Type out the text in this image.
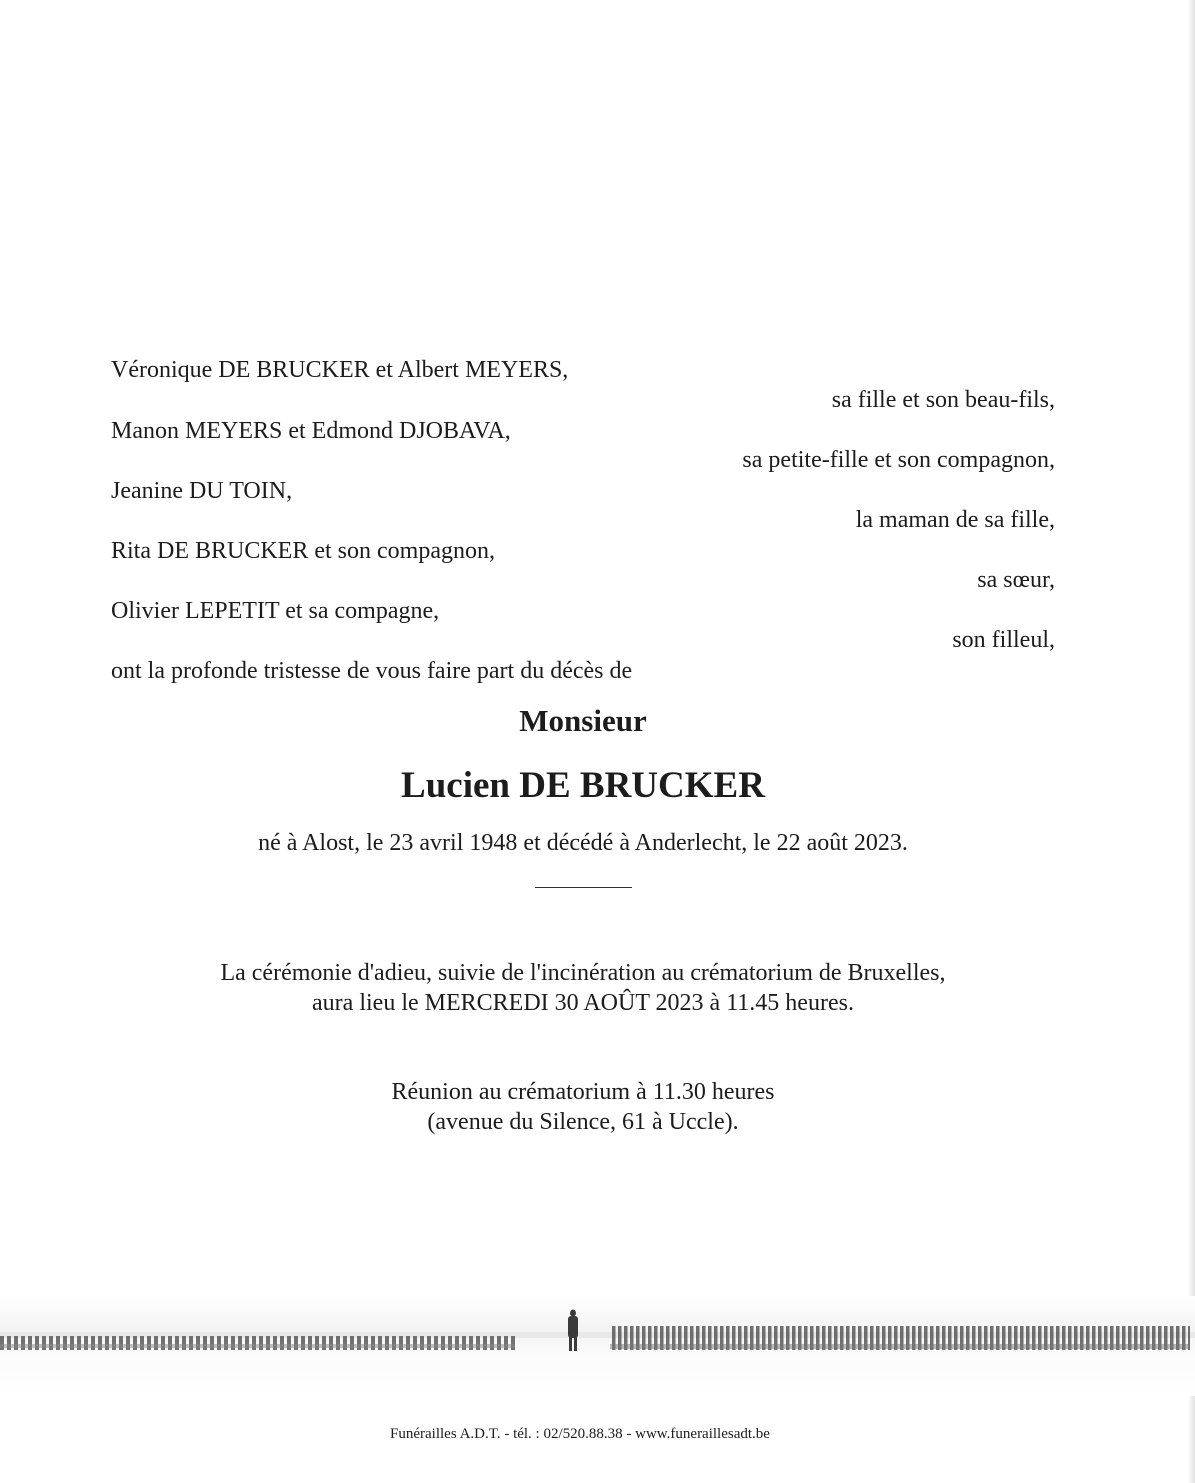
Véronique DE BRUCKER et Albert MEYERS,
sa fille et son beau-fils,
Manon MEYERS et Edmond DJOBAVA,
sa petite-fille et son compagnon,
Jeanine DU TOIN,
la maman de sa fille,
Rita DE BRUCKER et son compagnon,
sa sœur,
Olivier LEPETIT et sa compagne,
son filleul,
ont la profonde tristesse de vous faire part du décès de
Monsieur
Lucien DE BRUCKER
né à Alost, le 23 avril 1948 et décédé à Anderlecht, le 22 août 2023.
La cérémonie d'adieu, suivie de l'incinération au crématorium de Bruxelles,
aura lieu le MERCREDI 30 AOÛT 2023 à 11.45 heures.
Réunion au crématorium à 11.30 heures
(avenue du Silence, 61 à Uccle).
Funérailles A.D.T. - tél. : 02/520.88.38 - www.funeraillesadt.be
